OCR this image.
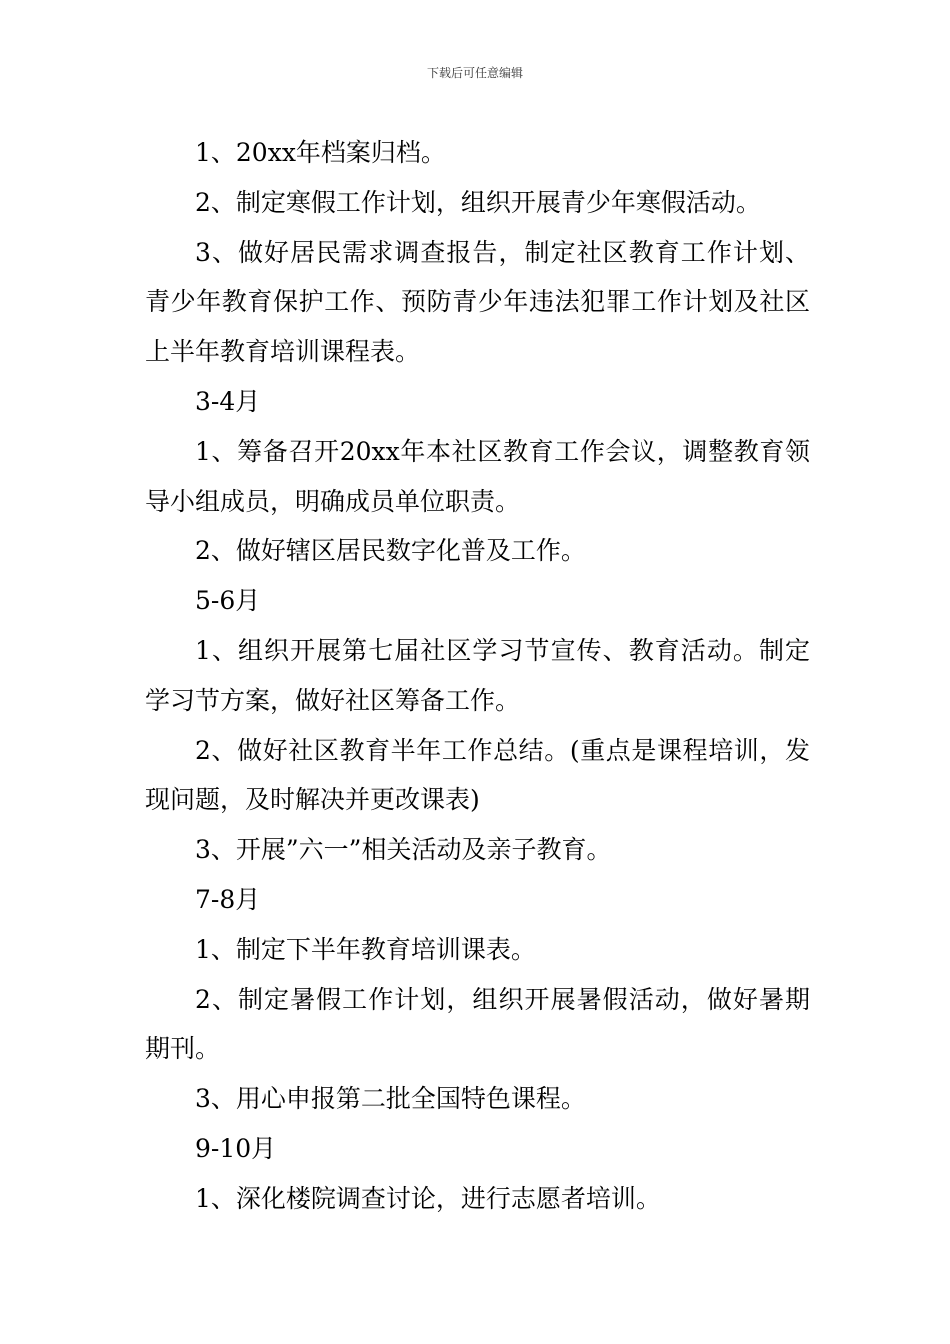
下载后可任意编辑

1、20xx年档案归档。

2、制定寒假工作计划，组织开展青少年寒假活动。

3、做好居民需求调查报告，制定社区教育工作计划、青少年教育保护工作、预防青少年违法犯罪工作计划及社区上半年教育培训课程表。

3-4月

1、筹备召开20xx年本社区教育工作会议，调整教育领导小组成员，明确成员单位职责。

2、做好辖区居民数字化普及工作。

5-6月

1、组织开展第七届社区学习节宣传、教育活动。制定学习节方案，做好社区筹备工作。

2、做好社区教育半年工作总结。(重点是课程培训，发现问题，及时解决并更改课表)

3、开展”六一”相关活动及亲子教育。

7-8月

1、制定下半年教育培训课表。

2、制定暑假工作计划，组织开展暑假活动，做好暑期期刊。

3、用心申报第二批全国特色课程。

9-10月

1、深化楼院调查讨论，进行志愿者培训。
